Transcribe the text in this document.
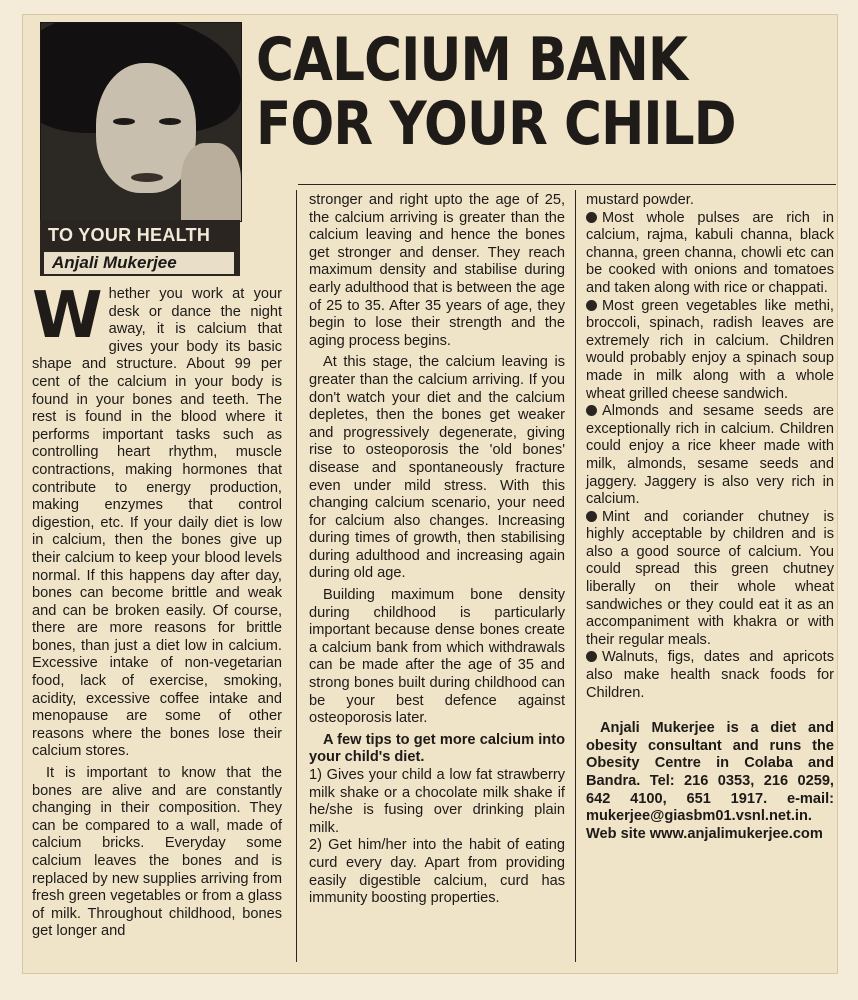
TO YOUR HEALTH
Anjali Mukerjee
CALCIUM BANK
FOR YOUR CHILD

Whether you work at your desk or dance the night away, it is calcium that gives your body its basic shape and structure. About 99 per cent of the calcium in your body is found in your bones and teeth. The rest is found in the blood where it performs important tasks such as controlling heart rhythm, muscle contractions, making hormones that contribute to energy production, making enzymes that control digestion, etc. If your daily diet is low in calcium, then the bones give up their calcium to keep your blood levels normal. If this happens day after day, bones can become brittle and weak and can be broken easily. Of course, there are more reasons for brittle bones, than just a diet low in calcium. Excessive intake of non-vegetarian food, lack of exercise, smoking, acidity, excessive coffee intake and menopause are some of other reasons where the bones lose their calcium stores.

It is important to know that the bones are alive and are constantly changing in their composition. They can be compared to a wall, made of calcium bricks. Everyday some calcium leaves the bones and is replaced by new supplies arriving from fresh green vegetables or from a glass of milk. Throughout childhood, bones get longer and

stronger and right upto the age of 25, the calcium arriving is greater than the calcium leaving and hence the bones get stronger and denser. They reach maximum density and stabilise during early adulthood that is between the age of 25 to 35. After 35 years of age, they begin to lose their strength and the aging process begins.

At this stage, the calcium leaving is greater than the calcium arriving. If you don't watch your diet and the calcium depletes, then the bones get weaker and progressively degenerate, giving rise to osteoporosis the 'old bones' disease and spontaneously fracture even under mild stress. With this changing calcium scenario, your need for calcium also changes. Increasing during times of growth, then stabilising during adulthood and increasing again during old age.

Building maximum bone density during childhood is particularly important because dense bones create a calcium bank from which withdrawals can be made after the age of 35 and strong bones built during childhood can be your best defence against osteoporosis later.

A few tips to get more calcium into your child's diet.

1) Gives your child a low fat strawberry milk shake or a chocolate milk shake if he/she is fusing over drinking plain milk.

2) Get him/her into the habit of eating curd every day. Apart from providing easily digestible calcium, curd has immunity boosting properties.

mustard powder.

Most whole pulses are rich in calcium, rajma, kabuli channa, black channa, green channa, chowli etc can be cooked with onions and tomatoes and taken along with rice or chappati.

Most green vegetables like methi, broccoli, spinach, radish leaves are extremely rich in calcium. Children would probably enjoy a spinach soup made in milk along with a whole wheat grilled cheese sandwich.

Almonds and sesame seeds are exceptionally rich in calcium. Children could enjoy a rice kheer made with milk, almonds, sesame seeds and jaggery. Jaggery is also very rich in calcium.

Mint and coriander chutney is highly acceptable by children and is also a good source of calcium. You could spread this green chutney liberally on their whole wheat sandwiches or they could eat it as an accompaniment with khakra or with their regular meals.

Walnuts, figs, dates and apricots also make health snack foods for Children.

Anjali Mukerjee is a diet and obesity consultant and runs the Obesity Centre in Colaba and Bandra. Tel: 216 0353, 216 0259, 642 4100, 651 1917. e-mail: mukerjee@giasbm01.vsnl.net.in. Web site www.anjalimukerjee.com
